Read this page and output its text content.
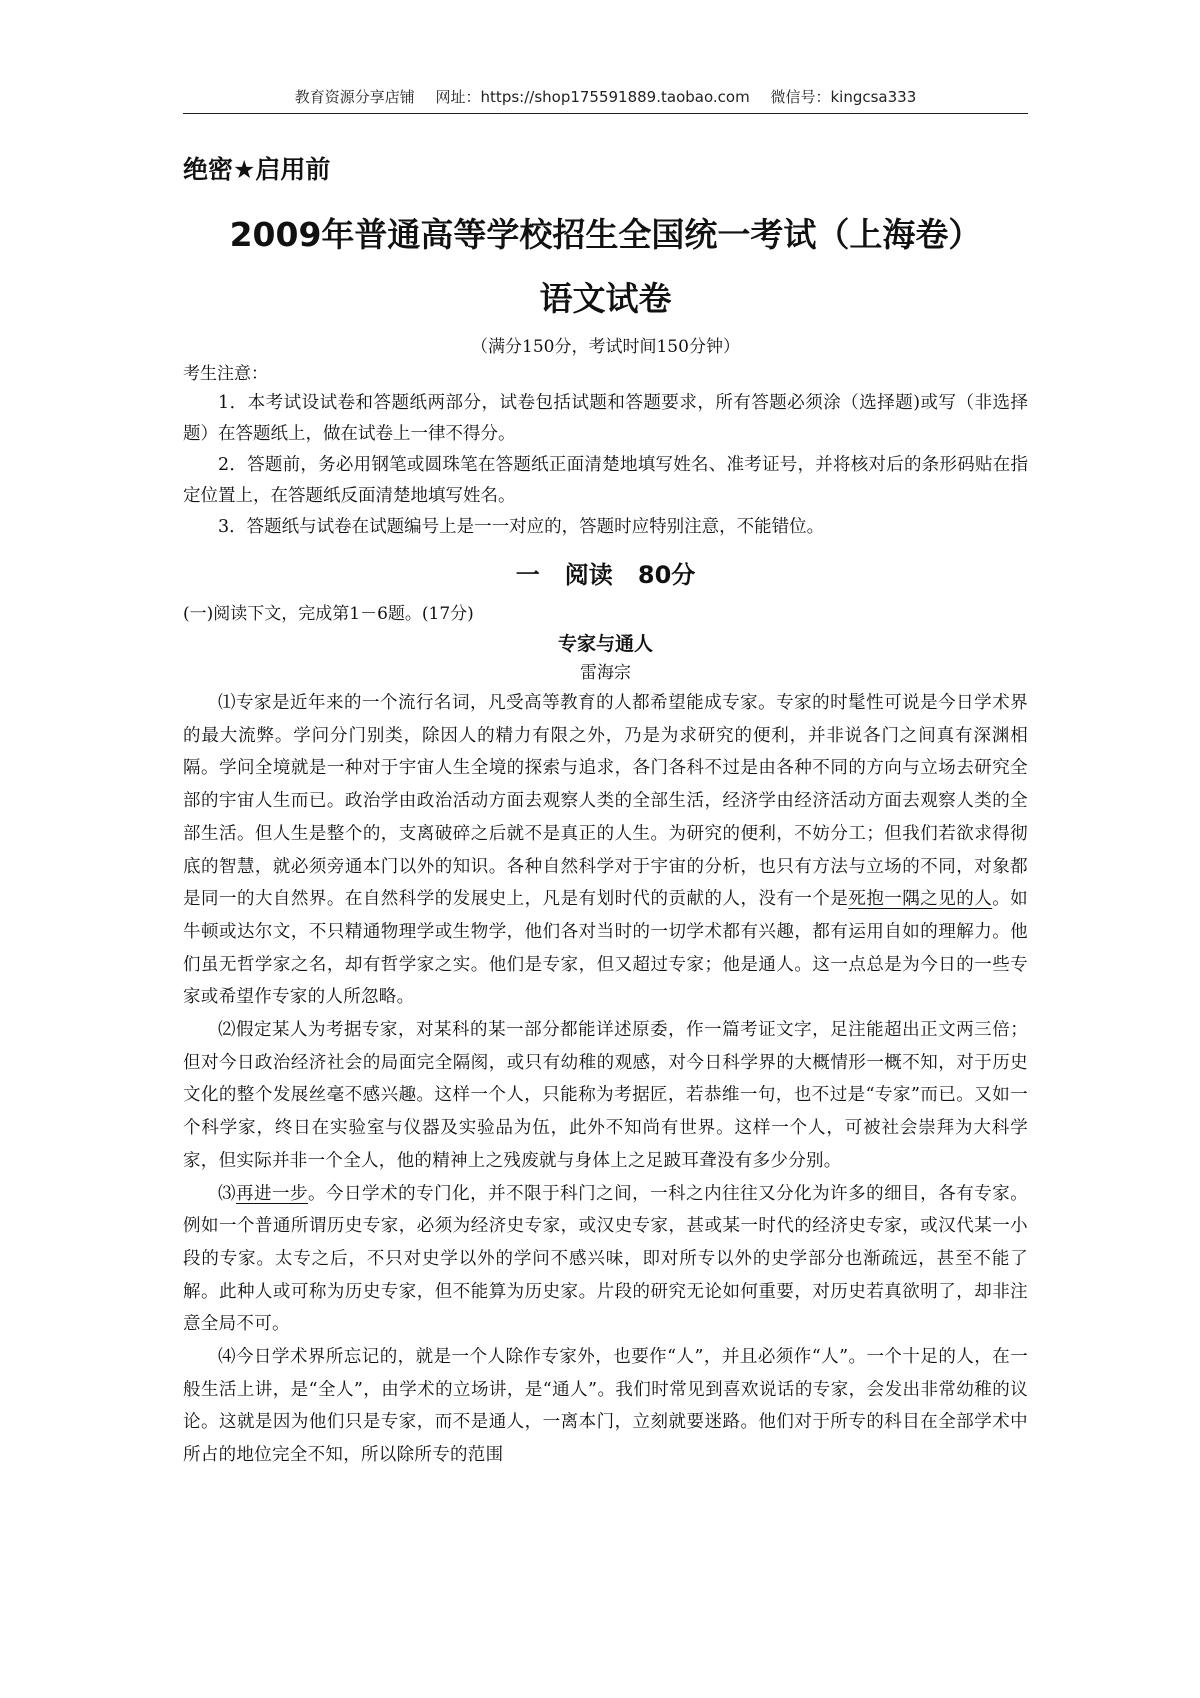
教育资源分享店铺 网址：https://shop175591889.taobao.com 微信号：kingcsa333
绝密★启用前
2009年普通高等学校招生全国统一考试（上海卷）
语文试卷
（满分150分，考试时间150分钟）
考生注意：
1．本考试设试卷和答题纸两部分，试卷包括试题和答题要求，所有答题必须涂（选择题)或写（非选择题）在答题纸上，做在试卷上一律不得分。
2．答题前，务必用钢笔或圆珠笔在答题纸正面清楚地填写姓名、准考证号，并将核对后的条形码贴在指定位置上，在答题纸反面清楚地填写姓名。
3．答题纸与试卷在试题编号上是一一对应的，答题时应特别注意，不能错位。
一   阅读   80分
(一)阅读下文，完成第1－6题。(17分)
专家与通人
雷海宗

⑴专家是近年来的一个流行名词，凡受高等教育的人都希望能成专家。专家的时髦性可说是今日学术界的最大流弊。学问分门别类，除因人的精力有限之外，乃是为求研究的便利，并非说各门之间真有深渊相隔。学问全境就是一种对于宇宙人生全境的探索与追求，各门各科不过是由各种不同的方向与立场去研究全部的宇宙人生而已。政治学由政治活动方面去观察人类的全部生活，经济学由经济活动方面去观察人类的全部生活。但人生是整个的，支离破碎之后就不是真正的人生。为研究的便利，不妨分工；但我们若欲求得彻底的智慧，就必须旁通本门以外的知识。各种自然科学对于宇宙的分析，也只有方法与立场的不同，对象都是同一的大自然界。在自然科学的发展史上，凡是有划时代的贡献的人，没有一个是死抱一隅之见的人。如牛顿或达尔文，不只精通物理学或生物学，他们各对当时的一切学术都有兴趣，都有运用自如的理解力。他们虽无哲学家之名，却有哲学家之实。他们是专家，但又超过专家；他是通人。这一点总是为今日的一些专家或希望作专家的人所忽略。

⑵假定某人为考据专家，对某科的某一部分都能详述原委，作一篇考证文字，足注能超出正文两三倍；但对今日政治经济社会的局面完全隔阂，或只有幼稚的观感，对今日科学界的大概情形一概不知，对于历史文化的整个发展丝毫不感兴趣。这样一个人，只能称为考据匠，若恭维一句，也不过是“专家”而已。又如一个科学家，终日在实验室与仪器及实验品为伍，此外不知尚有世界。这样一个人，可被社会崇拜为大科学家，但实际并非一个全人，他的精神上之残废就与身体上之足跛耳聋没有多少分别。

⑶再进一步。今日学术的专门化，并不限于科门之间，一科之内往往又分化为许多的细目，各有专家。例如一个普通所谓历史专家，必须为经济史专家，或汉史专家，甚或某一时代的经济史专家，或汉代某一小段的专家。太专之后，不只对史学以外的学问不感兴味，即对所专以外的史学部分也渐疏远，甚至不能了解。此种人或可称为历史专家，但不能算为历史家。片段的研究无论如何重要，对历史若真欲明了，却非注意全局不可。

⑷今日学术界所忘记的，就是一个人除作专家外，也要作“人”，并且必须作“人”。一个十足的人，在一般生活上讲，是“全人”，由学术的立场讲，是“通人”。我们时常见到喜欢说话的专家，会发出非常幼稚的议论。这就是因为他们只是专家，而不是通人，一离本门，立刻就要迷路。他们对于所专的科目在全部学术中所占的地位完全不知，所以除所专的范围
